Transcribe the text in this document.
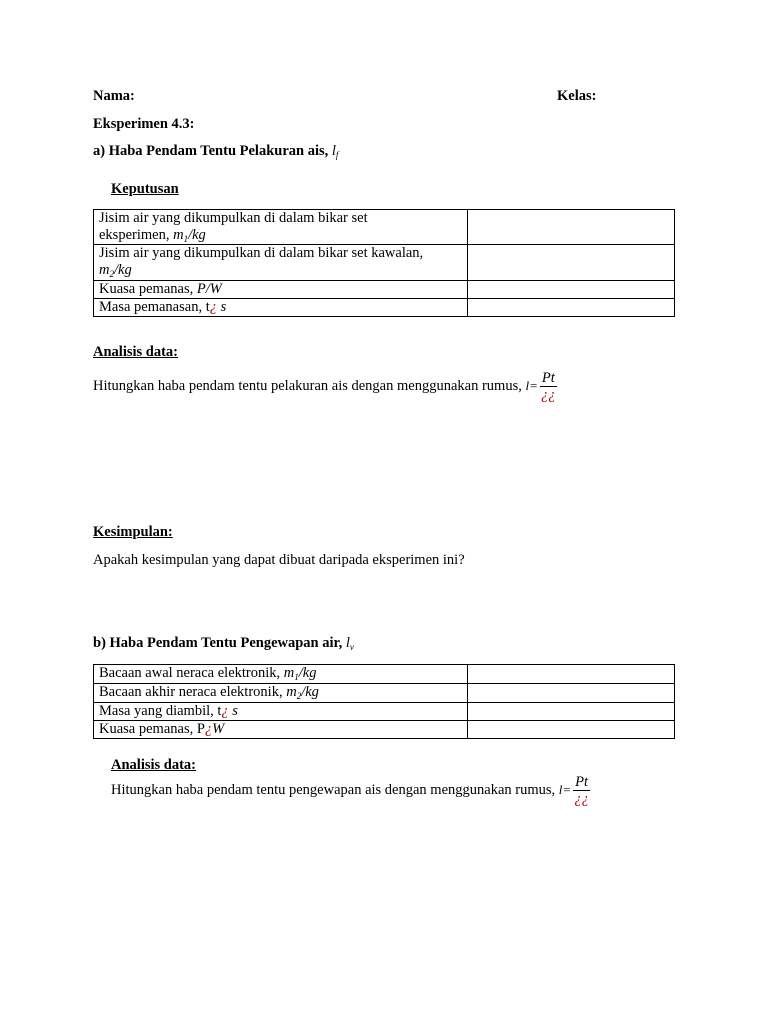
Nama:	Kelas:
Eksperimen 4.3:
a) Haba Pendam Tentu Pelakuran ais, $l_f$
Keputusan
Jisim air yang dikumpulkan di dalam bikar set
eksperimen, $m_1/kg$	
Jisim air yang dikumpulkan di dalam bikar set kawalan,
$m_2/kg$	
Kuasa pemanas, P/W	
Masa pemanasan, t¿ s	
Analisis data:
Hitungkan haba pendam tentu pelakuran ais dengan menggunakan rumus, $l= \frac{Pt}{¿¿}$
Kesimpulan:
Apakah kesimpulan yang dapat dibuat daripada eksperimen ini?
b) Haba Pendam Tentu Pengewapan air, $l_v$
Bacaan awal neraca elektronik, $m_1/kg$	
Bacaan akhir neraca elektronik, $m_2/kg$	
Masa yang diambil, t¿ s	
Kuasa pemanas, P¿W	
Analisis data:
Hitungkan haba pendam tentu pengewapan ais dengan menggunakan rumus, $l= \frac{Pt}{¿¿}$
